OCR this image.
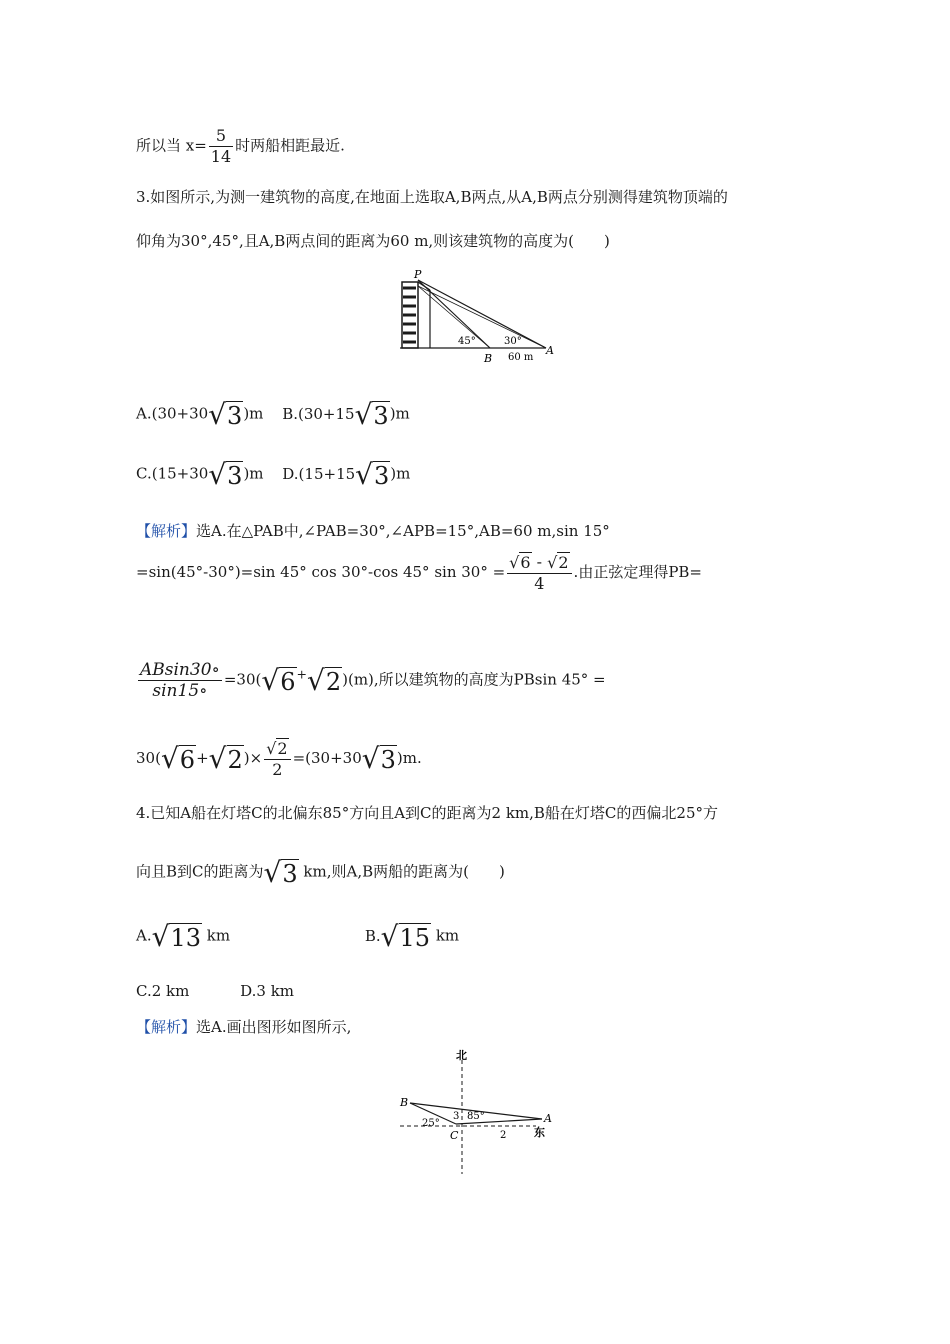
所以当 $x= \frac{5}{14}$ 时两船相距最近.
3.如图所示,为测一建筑物的高度,在地面上选取A,B两点,从A,B两点分别测得建筑物顶端的
仰角为30°,45°,且A,B两点间的距离为60 m,则该建筑物的高度为(　　)
P
B
A
45°	30°
60 m
A.(30+30√3)m B.(30+15√3)m
C.(15+30√3)m D.(15+15√3)m
【解析】选A.在△PAB中,∠PAB=30°,∠APB=15°,AB=60 m,sin 15°
=sin(45°-30°)=sin 45° cos 30°-cos 45° $\sin 30^\circ = \frac{√6 - √2}{4}$ .由正弦定理得PB=
$\frac{ABsin30\circ}{\sin 15\circ} =30(√6^+√2)(m)$,所以建筑物的高度为PBsin 45° =
$30(√6+√2)\times \frac{√2}{2} =(30+30√3)m$.
4.已知A船在灯塔C的北偏东85°方向且A到C的距离为2 km,B船在灯塔C的西偏北25°方
向且B到C的距离为√3 km,则A,B两船的距离为(　　)
A.√13 km	B.√15 km
C.2 km	D.3 km
【解析】选A.画出图形如图所示,
北
东
B
A
C
25°
3 85°
2
